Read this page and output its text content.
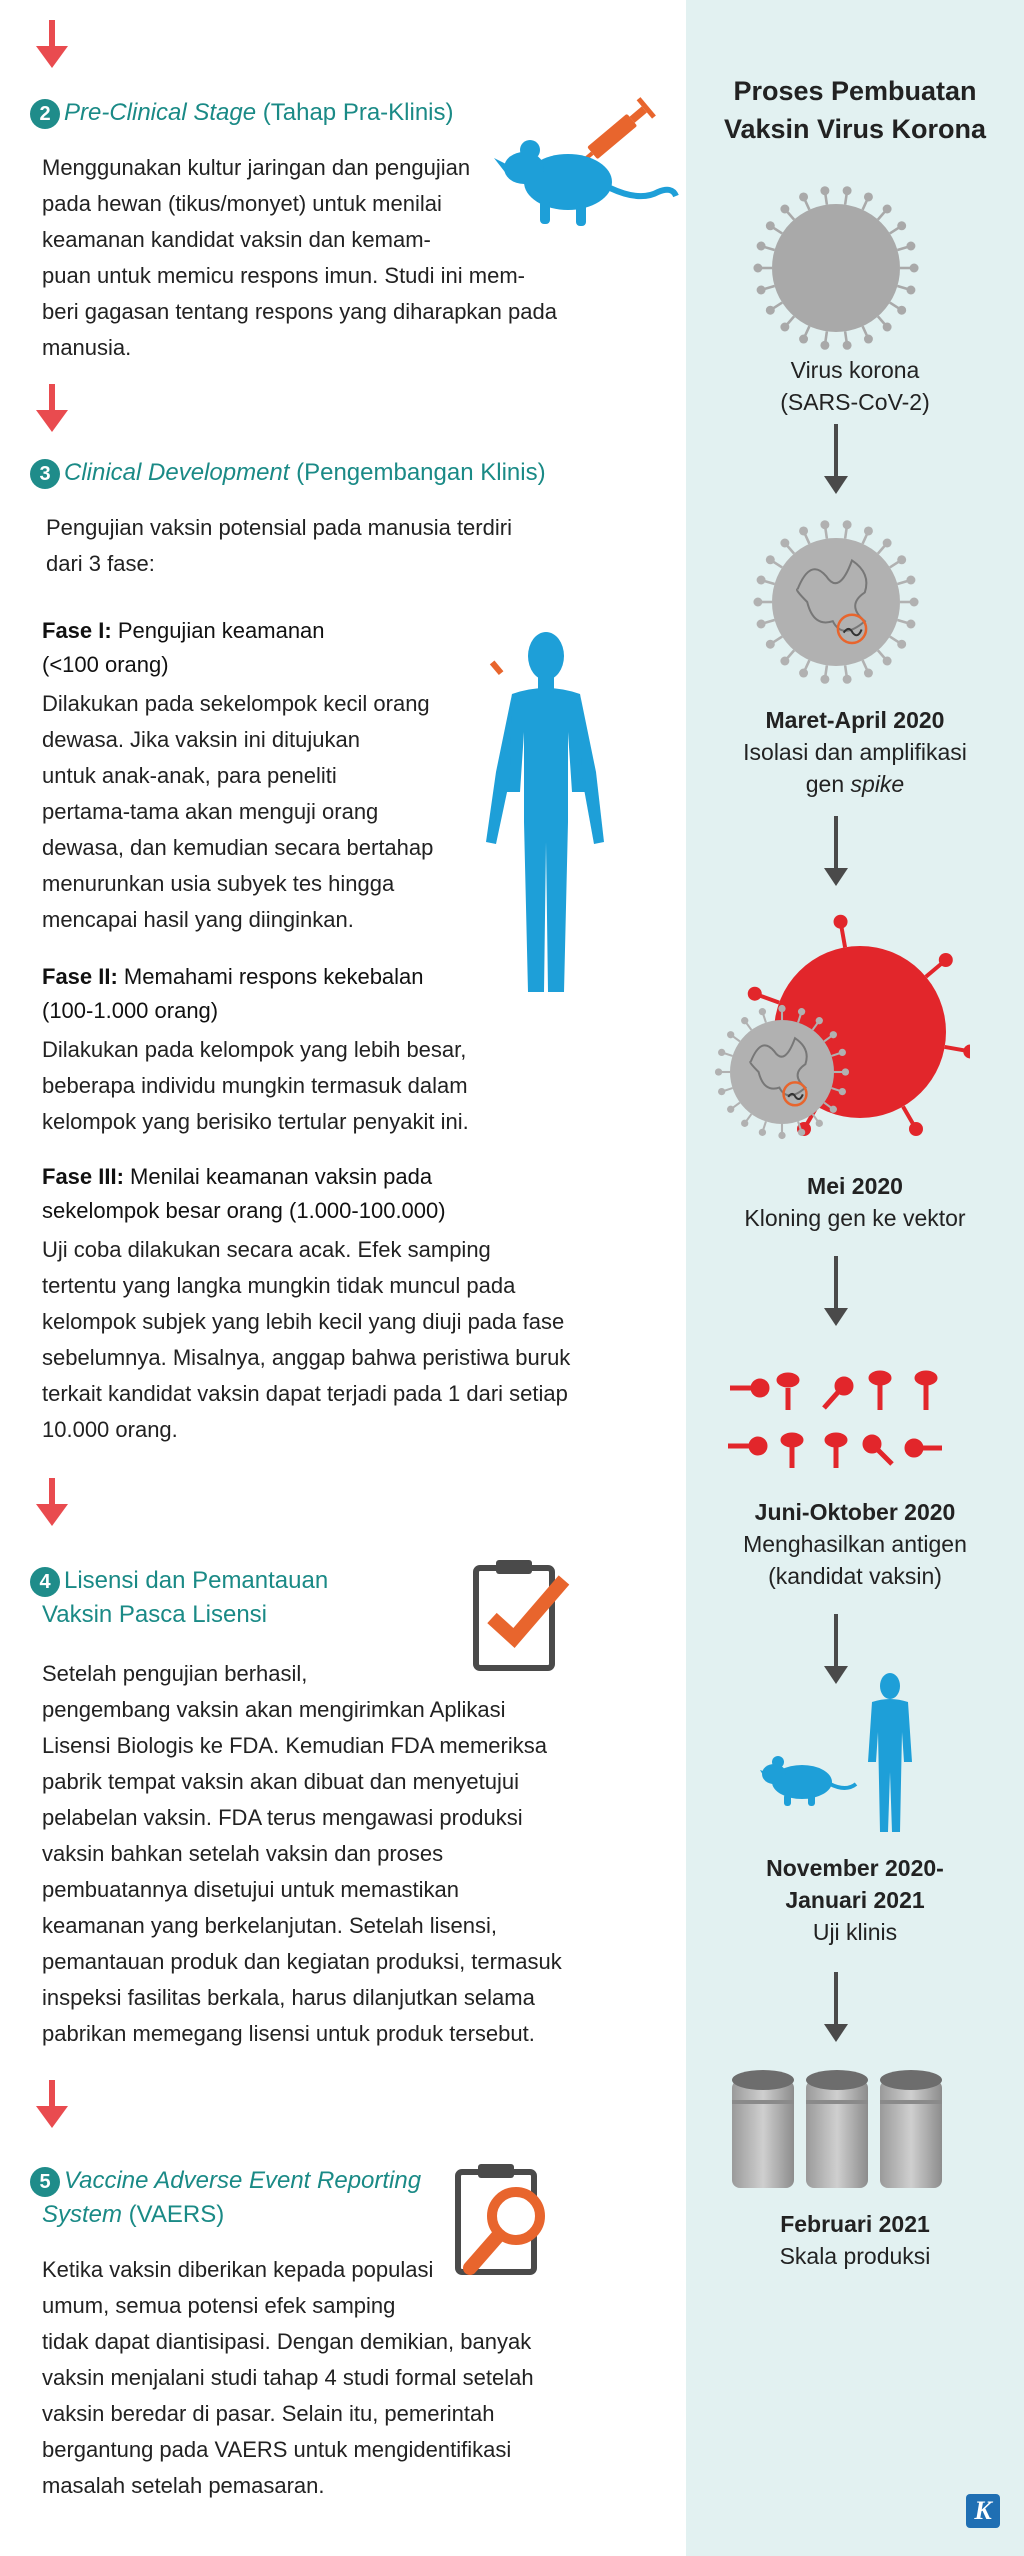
2 Pre-Clinical Stage (Tahap Pra-Klinis)

Menggunakan kultur jaringan dan pengujian

pada hewan (tikus/monyet) untuk menilai

keamanan kandidat vaksin dan kemam-

puan untuk memicu respons imun. Studi ini mem-

beri gagasan tentang respons yang diharapkan pada

manusia.

3 Clinical Development (Pengembangan Klinis)

Pengujian vaksin potensial pada manusia terdiri

dari 3 fase:

Fase I: Pengujian keamanan
(<100 orang)

Dilakukan pada sekelompok kecil orang

dewasa. Jika vaksin ini ditujukan

untuk anak-anak, para peneliti

pertama-tama akan menguji orang

dewasa, dan kemudian secara bertahap

menurunkan usia subyek tes hingga

mencapai hasil yang diinginkan.

Fase II: Memahami respons kekebalan
(100-1.000 orang)

Dilakukan pada kelompok yang lebih besar,

beberapa individu mungkin termasuk dalam

kelompok yang berisiko tertular penyakit ini.

Fase III: Menilai keamanan vaksin pada
sekelompok besar orang (1.000-100.000)

Uji coba dilakukan secara acak. Efek samping

tertentu yang langka mungkin tidak muncul pada

kelompok subjek yang lebih kecil yang diuji pada fase

sebelumnya. Misalnya, anggap bahwa peristiwa buruk

terkait kandidat vaksin dapat terjadi pada 1 dari setiap

10.000 orang.

4 Lisensi dan Pemantauan
Vaksin Pasca Lisensi

Setelah pengujian berhasil,

pengembang vaksin akan mengirimkan Aplikasi

Lisensi Biologis ke FDA. Kemudian FDA memeriksa

pabrik tempat vaksin akan dibuat dan menyetujui

pelabelan vaksin. FDA terus mengawasi produksi

vaksin bahkan setelah vaksin dan proses

pembuatannya disetujui untuk memastikan

keamanan yang berkelanjutan. Setelah lisensi,

pemantauan produk dan kegiatan produksi, termasuk

inspeksi fasilitas berkala, harus dilanjutkan selama

pabrikan memegang lisensi untuk produk tersebut.

5 Vaccine Adverse Event Reporting
System (VAERS)

Ketika vaksin diberikan kepada populasi

umum, semua potensi efek samping

tidak dapat diantisipasi. Dengan demikian, banyak

vaksin menjalani studi tahap 4 studi formal setelah

vaksin beredar di pasar. Selain itu, pemerintah

bergantung pada VAERS untuk mengidentifikasi

masalah setelah pemasaran.

Proses Pembuatan
Vaksin Virus Korona
Virus korona
(SARS-CoV-2)
Maret-April 2020
Isolasi dan amplifikasi
gen spike
Mei 2020
Kloning gen ke vektor
Juni-Oktober 2020
Menghasilkan antigen
(kandidat vaksin)
November 2020-
Januari 2021
Uji klinis
Februari 2021
Skala produksi
K
